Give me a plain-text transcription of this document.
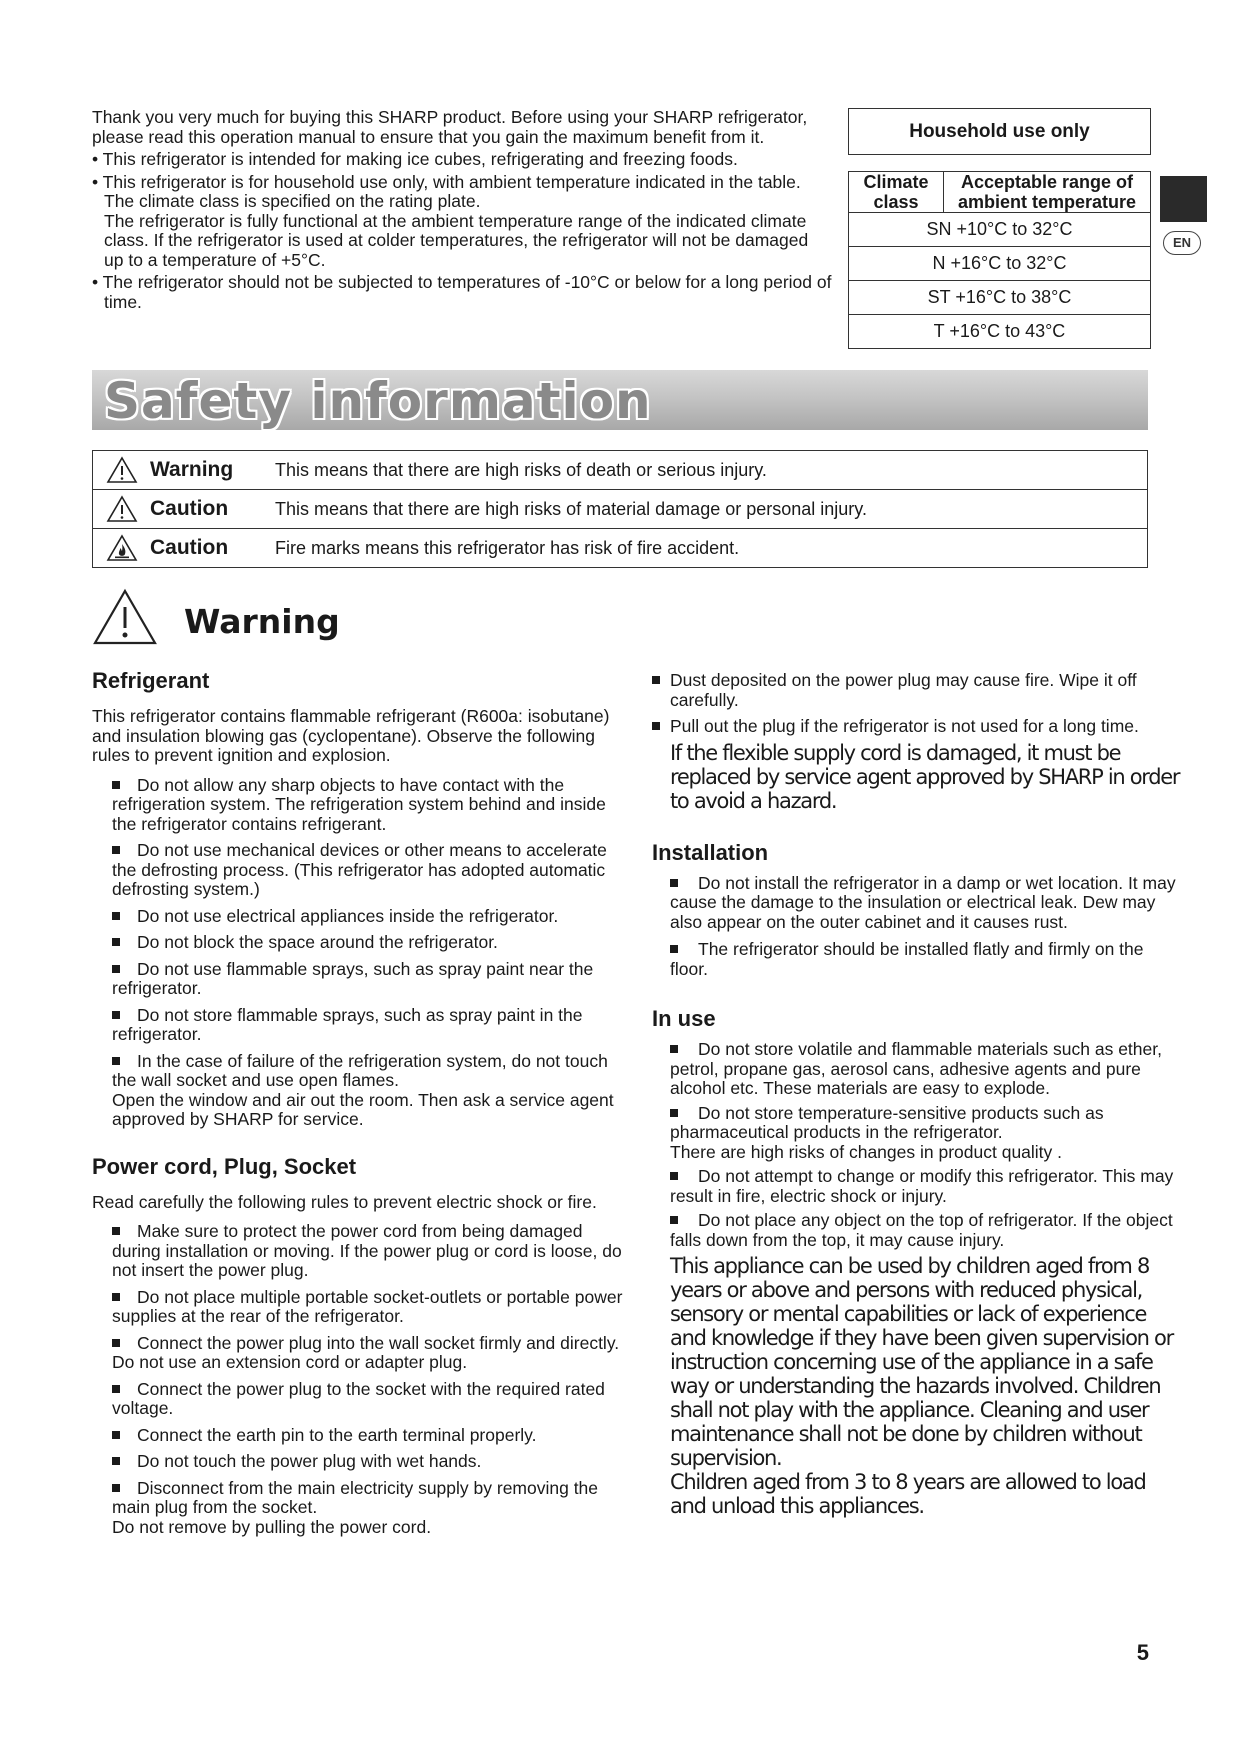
Thank you very much for buying this SHARP product. Before using your SHARP refrigerator, please read this operation manual to ensure that you gain the maximum benefit from it.

• This refrigerator is intended for making ice cubes, refrigerating and freezing foods.

• This refrigerator is for household use only, with ambient temperature indicated in the table. The climate class is specified on the rating plate.
The refrigerator is fully functional at the ambient temperature range of the indicated climate class. If the refrigerator is used at colder temperatures, the refrigerator will not be damaged up to a temperature of +5°C.

• The refrigerator should not be subjected to temperatures of -10°C or below for a long period of time.

Household use only

Climate class	Acceptable range of ambient temperature
SN +10°C to 32°C
N +16°C to 32°C
ST +16°C to 38°C
T +16°C to 43°C
EN
Safety information
Warning	This means that there are high risks of death or serious injury.
Caution	This means that there are high risks of material damage or personal injury.
Caution	Fire marks means this refrigerator has risk of fire accident.
Warning
Refrigerant

This refrigerator contains flammable refrigerant (R600a: isobutane) and insulation blowing gas (cyclopentane). Observe the following rules to prevent ignition and explosion.

Do not allow any sharp objects to have contact with the refrigeration system. The refrigeration system behind and inside the refrigerator contains refrigerant.

Do not use mechanical devices or other means to accelerate the defrosting process. (This refrigerator has adopted automatic defrosting system.)

Do not use electrical appliances inside the refrigerator.

Do not block the space around the refrigerator.

Do not use flammable sprays, such as spray paint near the refrigerator.

Do not store flammable sprays, such as spray paint in the refrigerator.

In the case of failure of the refrigeration system, do not touch the wall socket and use open flames.
Open the window and air out the room. Then ask a service agent approved by SHARP for service.

Power cord, Plug, Socket

Read carefully the following rules to prevent electric shock or fire.

Make sure to protect the power cord from being damaged during installation or moving. If the power plug or cord is loose, do not insert the power plug.

Do not place multiple portable socket-outlets or portable power supplies at the rear of the refrigerator.

Connect the power plug into the wall socket firmly and directly. Do not use an extension cord or adapter plug.

Connect the power plug to the socket with the required rated voltage.

Connect the earth pin to the earth terminal properly.

Do not touch the power plug with wet hands.

Disconnect from the main electricity supply by removing the main plug from the socket.
Do not remove by pulling the power cord.

Dust deposited on the power plug may cause fire. Wipe it off carefully.

Pull out the plug if the refrigerator is not used for a long time.

If the flexible supply cord is damaged, it must be replaced by service agent approved by SHARP in order to avoid a hazard.

Installation

Do not install the refrigerator in a damp or wet location. It may cause the damage to the insulation or electrical leak. Dew may also appear on the outer cabinet and it causes rust.

The refrigerator should be installed flatly and firmly on the floor.

In use

Do not store volatile and flammable materials such as ether, petrol, propane gas, aerosol cans, adhesive agents and pure alcohol etc. These materials are easy to explode.

Do not store temperature-sensitive products such as pharmaceutical products in the refrigerator.
There are high risks of changes in product quality .

Do not attempt to change or modify this refrigerator. This may result in fire, electric shock or injury.

Do not place any object on the top of refrigerator. If the object falls down from the top, it may cause injury.

This appliance can be used by children aged from 8 years or above and persons with reduced physical, sensory or mental capabilities or lack of experience and knowledge if they have been given supervision or instruction concerning use of the appliance in a safe way or understanding the hazards involved. Children shall not play with the appliance. Cleaning and user maintenance shall not be done by children without supervision.

Children aged from 3 to 8 years are allowed to load and unload this appliances.

5
